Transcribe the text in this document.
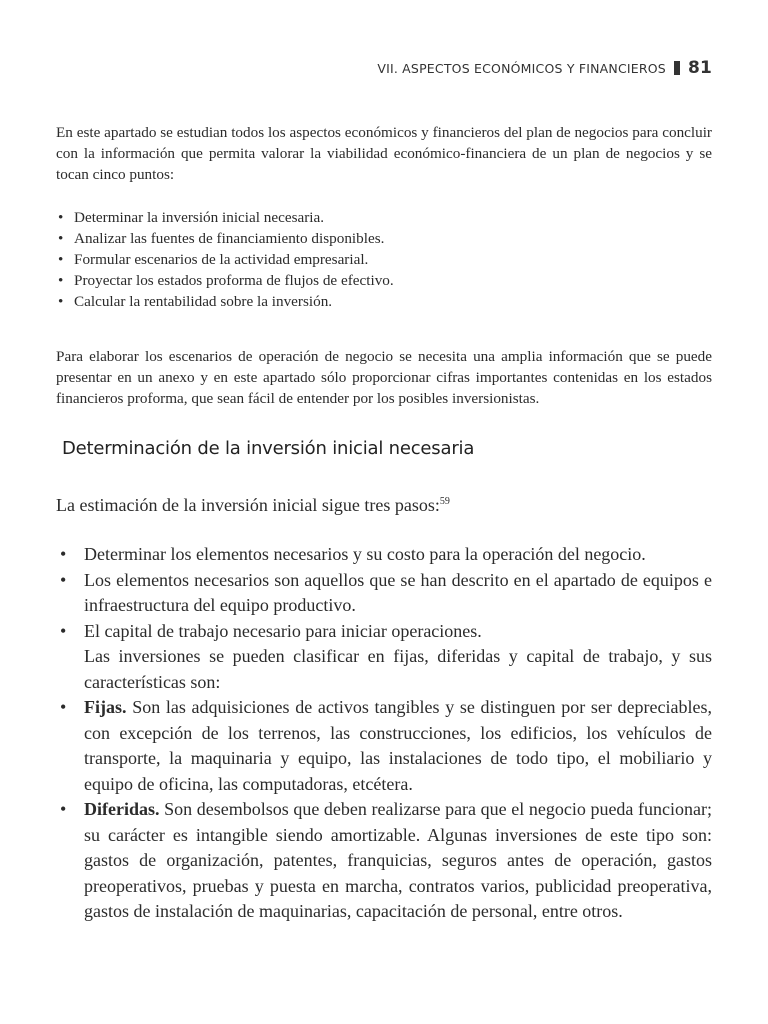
VII. ASPECTOS ECONÓMICOS Y FINANCIEROS 81

En este apartado se estudian todos los aspectos económicos y financieros del plan de negocios para concluir con la información que permita valorar la viabilidad económico-financiera de un plan de negocios y se tocan cinco puntos:

• Determinar la inversión inicial necesaria.
• Analizar las fuentes de financiamiento disponibles.
• Formular escenarios de la actividad empresarial.
• Proyectar los estados proforma de flujos de efectivo.
• Calcular la rentabilidad sobre la inversión.

Para elaborar los escenarios de operación de negocio se necesita una amplia información que se puede presentar en un anexo y en este apartado sólo proporcionar cifras importantes contenidas en los estados financieros proforma, que sean fácil de entender por los posibles inversionistas.

Determinación de la inversión inicial necesaria

La estimación de la inversión inicial sigue tres pasos:$^{59}$

• Determinar los elementos necesarios y su costo para la operación del negocio.
• Los elementos necesarios son aquellos que se han descrito en el apartado de equipos e infraestructura del equipo productivo.
• El capital de trabajo necesario para iniciar operaciones.
Las inversiones se pueden clasificar en fijas, diferidas y capital de trabajo, y sus características son:
• Fijas. Son las adquisiciones de activos tangibles y se distinguen por ser depreciables, con excepción de los terrenos, las construcciones, los edificios, los vehículos de transporte, la maquinaria y equipo, las instalaciones de todo tipo, el mobiliario y equipo de oficina, las computadoras, etcétera.
• Diferidas. Son desembolsos que deben realizarse para que el negocio pueda funcionar; su carácter es intangible siendo amortizable. Algunas inversiones de este tipo son: gastos de organización, patentes, franquicias, seguros antes de operación, gastos preoperativos, pruebas y puesta en marcha, contratos varios, publicidad preoperativa, gastos de instalación de maquinarias, capacitación de personal, entre otros.
